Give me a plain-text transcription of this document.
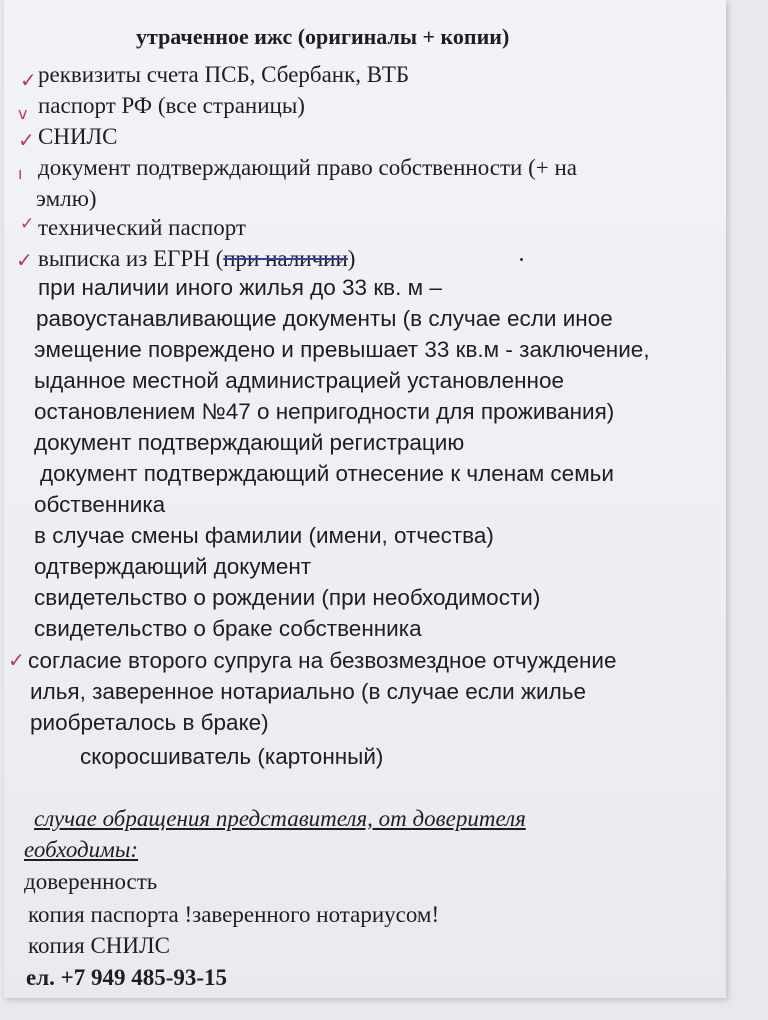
утраченное ижс (оригиналы + копии)
✓
v
✓
ı
✓
✓
✓
реквизиты счета ПСБ, Сбербанк, ВТБ
паспорт РФ (все страницы)
СНИЛС
документ подтверждающий право собственности (+ на
эмлю)
технический паспорт
выписка из ЕГРН (при наличии)
при наличии иного жилья до 33 кв. м –
равоустанавливающие документы (в случае если иное
эмещение повреждено и превышает 33 кв.м - заключение,
ыданное местной администрацией установленное
остановлением №47 о непригодности для проживания)
документ подтверждающий регистрацию
документ подтверждающий отнесение к членам семьи
обственника
в случае смены фамилии (имени, отчества)
одтверждающий документ
свидетельство о рождении (при необходимости)
свидетельство о браке собственника
согласие второго супруга на безвозмездное отчуждение
илья, заверенное нотариально (в случае если жилье
риобреталось в браке)
скоросшиватель (картонный)
случае обращения представителя, от доверителя
еобходимы:
доверенность
копия паспорта !заверенного нотариусом!
копия СНИЛС
ел. +7 949 485-93-15
